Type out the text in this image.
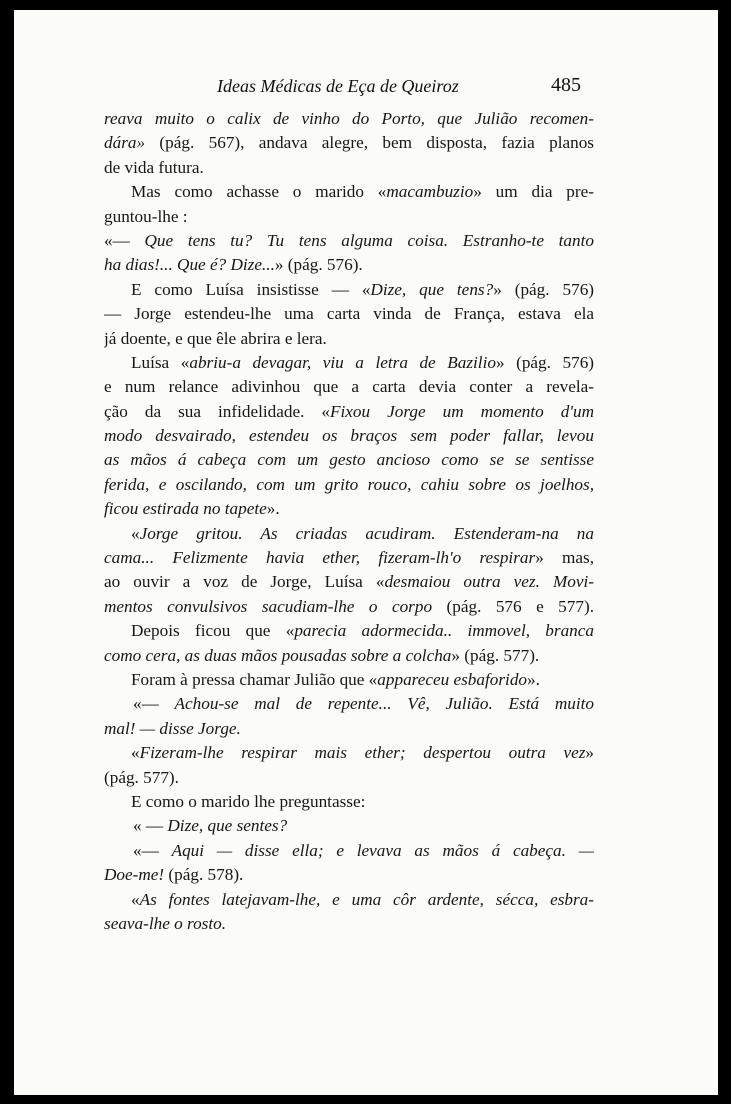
Ideas Médicas de Eça de Queiroz	485
reava muito o calix de vinho do Porto, que Julião recomen-
dára» (pág. 567), andava alegre, bem disposta, fazia planos
de vida futura.
Mas como achasse o marido «macambuzio» um dia pre-
guntou-lhe :
«— Que tens tu? Tu tens alguma coisa. Estranho-te tanto
ha dias!... Que é? Dize...» (pág. 576).
E como Luísa insistisse — «Dize, que tens?» (pág. 576)
— Jorge estendeu-lhe uma carta vinda de França, estava ela
já doente, e que êle abrira e lera.
Luísa «abriu-a devagar, viu a letra de Bazilio» (pág. 576)
e num relance adivinhou que a carta devia conter a revela-
ção da sua infidelidade. «Fixou Jorge um momento d'um
modo desvairado, estendeu os braços sem poder fallar, levou
as mãos á cabeça com um gesto ancioso como se se sentisse
ferida, e oscilando, com um grito rouco, cahiu sobre os joelhos,
ficou estirada no tapete».
«Jorge gritou. As criadas acudiram. Estenderam-na na
cama... Felizmente havia ether, fizeram-lh'o respirar» mas,
ao ouvir a voz de Jorge, Luísa «desmaiou outra vez. Movi-
mentos convulsivos sacudiam-lhe o corpo (pág. 576 e 577).
Depois ficou que «parecia adormecida.. immovel, branca
como cera, as duas mãos pousadas sobre a colcha» (pág. 577).
Foram à pressa chamar Julião que «appareceu esbaforido».
«— Achou-se mal de repente... Vê, Julião. Está muito
mal! — disse Jorge.
«Fizeram-lhe respirar mais ether; despertou outra vez»
(pág. 577).
E como o marido lhe preguntasse:
« — Dize, que sentes?
«— Aqui — disse ella; e levava as mãos á cabeça. —
Doe-me! (pág. 578).
«As fontes latejavam-lhe, e uma côr ardente, sécca, esbra-
seava-lhe o rosto.
